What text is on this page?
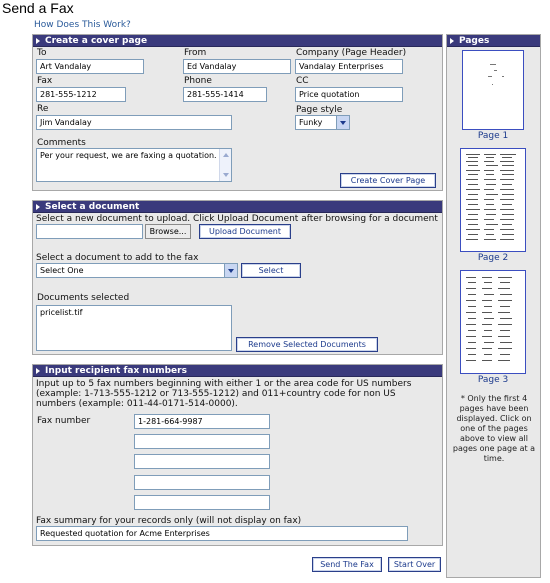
Send a Fax
How Does This Work?
Create a cover page
To
Art Vandalay
From
Ed Vandalay
Company (Page Header)
Vandalay Enterprises
Fax
281-555-1212
Phone
281-555-1414
CC
Price quotation
Re
Jim Vandalay
Page style
Funky
Comments
Per your request, we are faxing a quotation.
Create Cover Page
Select a document
Select a new document to upload. Click Upload Document after browsing for a document
Browse...	Upload Document
Select a document to add to the fax
Select One	Select
Documents selected
pricelist.tif
Remove Selected Documents
Input recipient fax numbers
Input up to 5 fax numbers beginning with either 1 or the area code for US numbers (example: 1-713-555-1212 or 713-555-1212) and 011+country code for non US numbers (example: 011-44-0171-514-0000).
Fax number	1-281-664-9987
Fax summary for your records only (will not display on fax)
Requested quotation for Acme Enterprises
Send The Fax	Start Over
Pages
Page 1
Page 2
Page 3
* Only the first 4 pages have been displayed. Click on one of the pages above to view all pages one page at a time.
